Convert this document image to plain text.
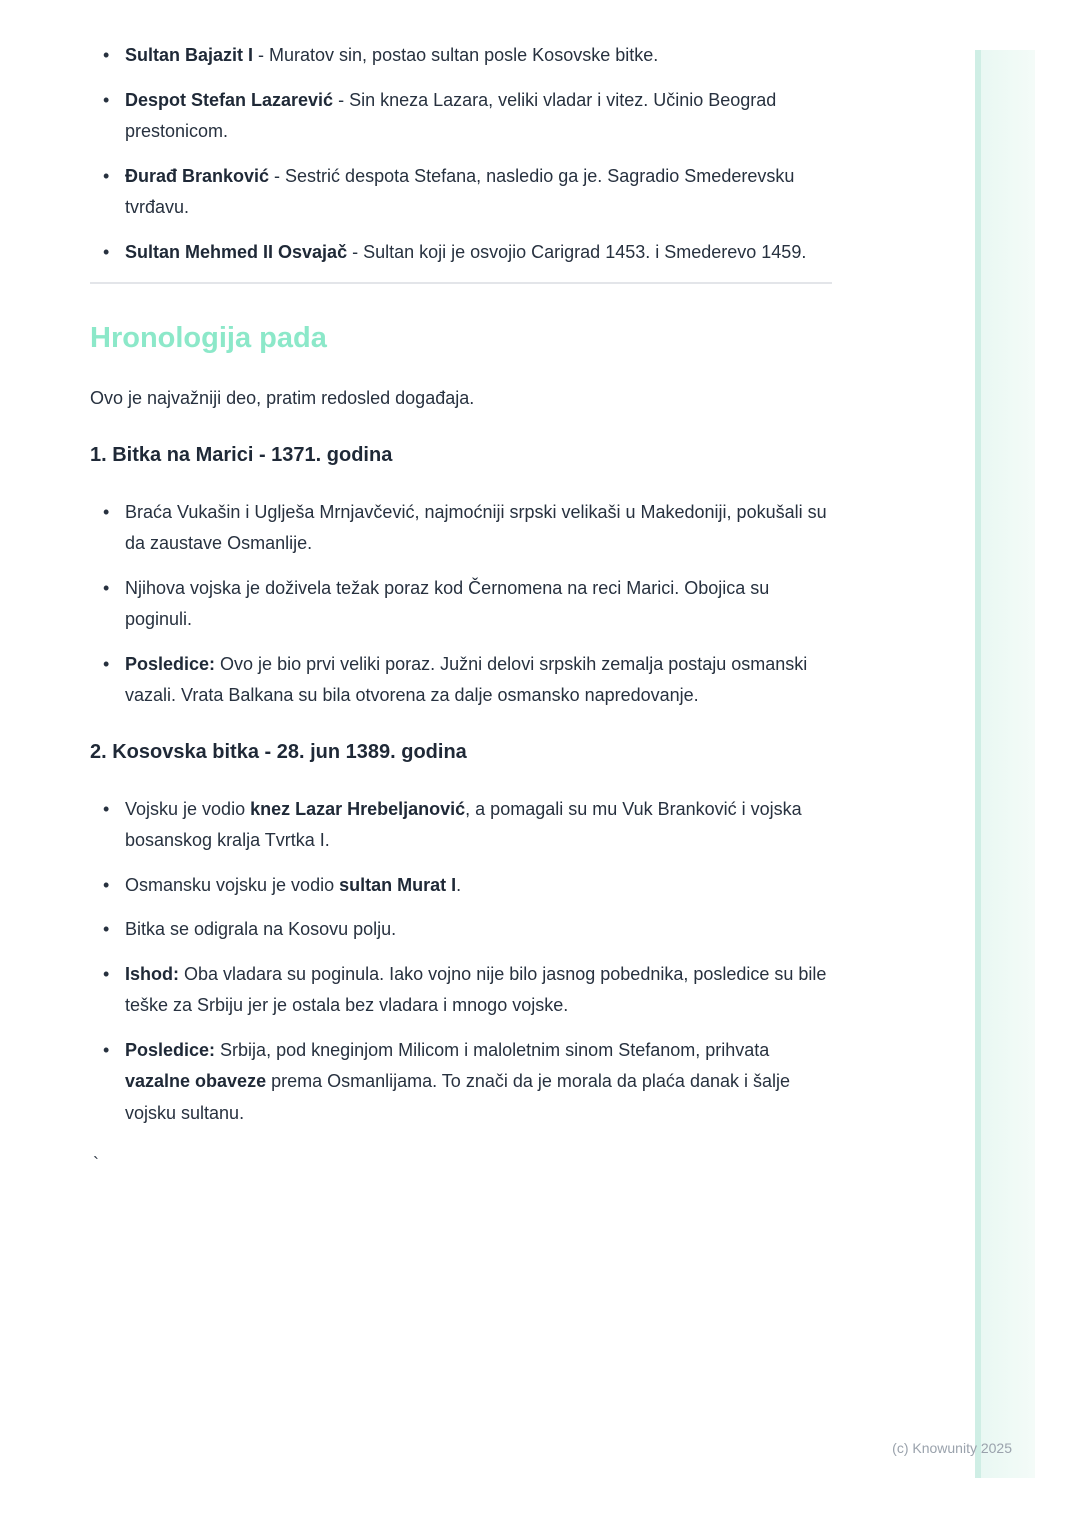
• Sultan Bajazit I - Muratov sin, postao sultan posle Kosovske bitke.
• Despot Stefan Lazarević - Sin kneza Lazara, veliki vladar i vitez. Učinio Beograd prestonicom.
• Đurađ Branković - Sestrić despota Stefana, nasledio ga je. Sagradio Smederevsku tvrđavu.
• Sultan Mehmed II Osvajač - Sultan koji je osvojio Carigrad 1453. i Smederevo 1459.
Hronologija pada

Ovo je najvažniji deo, pratim redosled događaja.

1. Bitka na Marici - 1371. godina
• Braća Vukašin i Uglješa Mrnjavčević, najmoćniji srpski velikaši u Makedoniji, pokušali su da zaustave Osmanlije.
• Njihova vojska je doživela težak poraz kod Černomena na reci Marici. Obojica su poginuli.
• Posledice: Ovo je bio prvi veliki poraz. Južni delovi srpskih zemalja postaju osmanski vazali. Vrata Balkana su bila otvorena za dalje osmansko napredovanje.
2. Kosovska bitka - 28. jun 1389. godina
• Vojsku je vodio knez Lazar Hrebeljanović, a pomagali su mu Vuk Branković i vojska bosanskog kralja Tvrtka I.
• Osmansku vojsku je vodio sultan Murat I.
• Bitka se odigrala na Kosovu polju.
• Ishod: Oba vladara su poginula. Iako vojno nije bilo jasnog pobednika, posledice su bile teške za Srbiju jer je ostala bez vladara i mnogo vojske.
• Posledice: Srbija, pod kneginjom Milicom i maloletnim sinom Stefanom, prihvata vazalne obaveze prema Osmanlijama. To znači da je morala da plaća danak i šalje vojsku sultanu.

`

(c) Knowunity 2025
